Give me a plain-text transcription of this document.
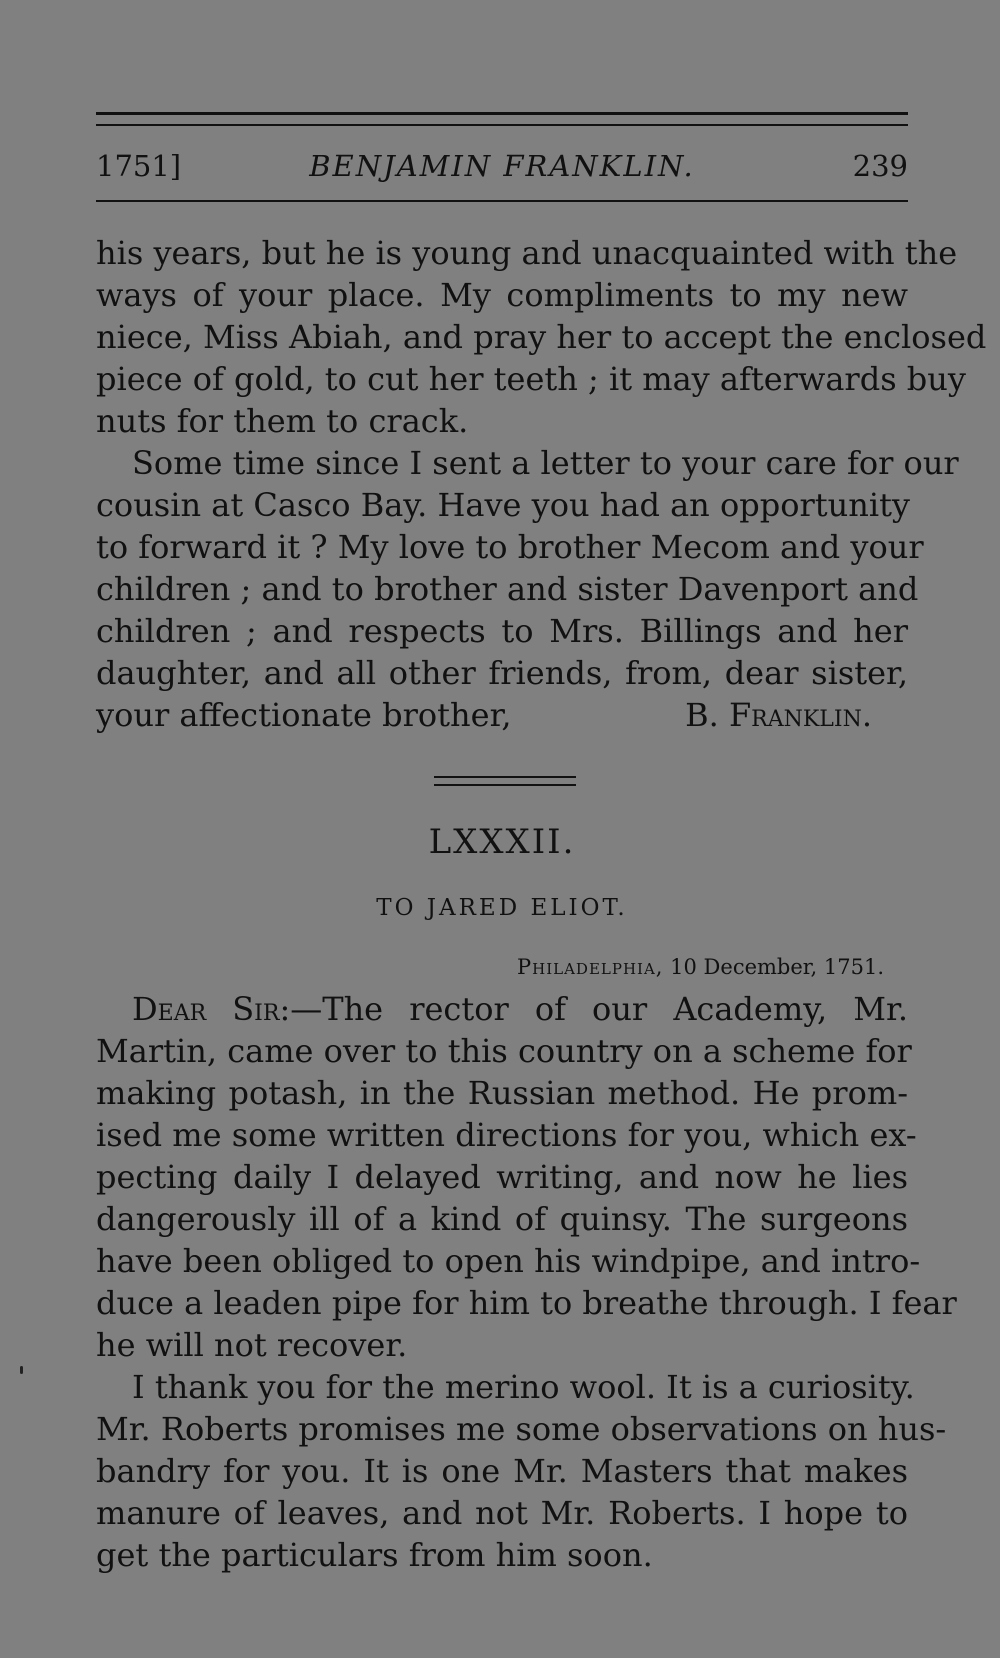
1751]	BENJAMIN FRANKLIN.	239
his years, but he is young and unacquainted with the
ways of your place. My compliments to my new
niece, Miss Abiah, and pray her to accept the enclosed
piece of gold, to cut her teeth ; it may afterwards buy
nuts for them to crack.
Some time since I sent a letter to your care for our
cousin at Casco Bay. Have you had an opportunity
to forward it ? My love to brother Mecom and your
children ; and to brother and sister Davenport and
children ; and respects to Mrs. Billings and her
daughter, and all other friends, from, dear sister,
your affectionate brother,	B. Franklin.
LXXXII.
TO JARED ELIOT.
Philadelphia, 10 December, 1751.
Dear Sir:—The rector of our Academy, Mr.
Martin, came over to this country on a scheme for
making potash, in the Russian method. He prom-
ised me some written directions for you, which ex-
pecting daily I delayed writing, and now he lies
dangerously ill of a kind of quinsy. The surgeons
have been obliged to open his windpipe, and intro-
duce a leaden pipe for him to breathe through. I fear
he will not recover.
I thank you for the merino wool. It is a curiosity.
Mr. Roberts promises me some observations on hus-
bandry for you. It is one Mr. Masters that makes
manure of leaves, and not Mr. Roberts. I hope to
get the particulars from him soon.
